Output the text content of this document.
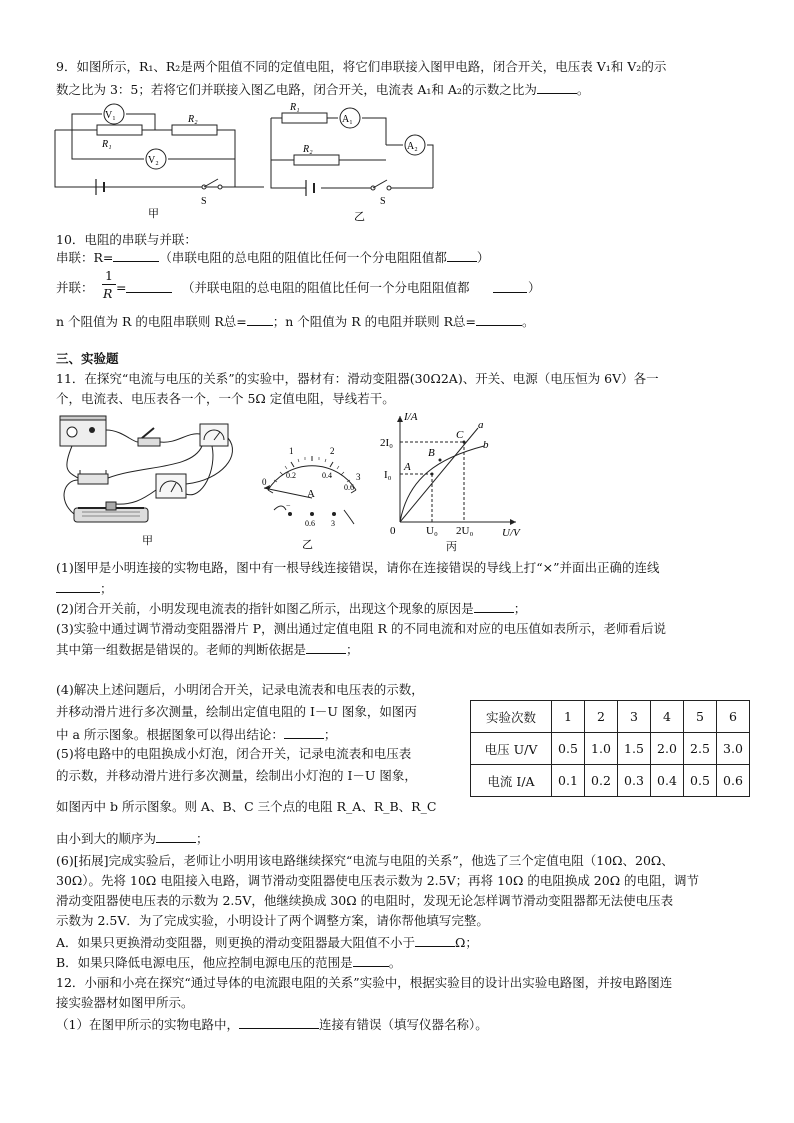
9．如图所示，R₁、R₂是两个阻值不同的定值电阻，将它们串联接入图甲电路，闭合开关，电压表 V₁和 V₂的示
数之比为 3：5；若将它们并联接入图乙电路，闭合开关，电流表 A₁和 A₂的示数之比为	。
V₁
V₂
R₁
R₂
S
甲
R₁
R₂
A₁
A₂
S
乙
10．电阻的串联与并联：
串联：R=	（串联电阻的总电阻的阻值比任何一个分电阻阻值都 ）
并联：
1
R =	（并联电阻的总电阻的阻值比任何一个分电阻阻值都	）
n 个阻值为 R 的电阻串联则 R总= ；n 个阻值为 R 的电阻并联则 R总=	。
三、实验题
11．在探究“电流与电压的关系”的实验中，器材有：滑动变阻器(30Ω2A)、开关、电源（电压恒为 6V）各一
个，电流表、电压表各一个，一个 5Ω 定值电阻，导线若干。
甲
1	2
0	3
0.2	0.4
0.6
A
−
0.6 3
乙
I/A
U/V
2I₀
I₀
0	U₀ 2U₀
A
B
C
a
b
丙
(1)图甲是小明连接的实物电路，图中有一根导线连接错误，请你在连接错误的导线上打“×”并面出正确的连线
；
(2)闭合开关前，小明发现电流表的指针如图乙所示，出现这个现象的原因是	；
(3)实验中通过调节滑动变阻器滑片 P，测出通过定值电阻 R 的不同电流和对应的电压值如表所示，老师看后说
其中第一组数据是错误的。老师的判断依据是	；
(4)解决上述问题后，小明闭合开关，记录电流表和电压表的示数，
并移动滑片进行多次测量，绘制出定值电阻的 I－U 图象，如图丙
中 a 所示图象。根据图象可以得出结论：	；
(5)将电路中的电阻换成小灯泡，闭合开关，记录电流表和电压表
的示数，并移动滑片进行多次测量，绘制出小灯泡的 I－U 图象，
如图丙中 b 所示图象。则 A、B、C 三个点的电阻 R_A、R_B、R_C
由小到大的顺序为	；
实验次数	1	2	3	4	5	6
电压 U/V	0.5	1.0	1.5	2.0	2.5	3.0
电流 I/A	0.1	0.2	0.3	0.4	0.5	0.6
(6)[拓展]完成实验后，老师让小明用该电路继续探究“电流与电阻的关系”，他选了三个定值电阻（10Ω、20Ω、
30Ω）。先将 10Ω 电阻接入电路，调节滑动变阻器使电压表示数为 2.5V；再将 10Ω 的电阻换成 20Ω 的电阻，调节
滑动变阻器使电压表的示数为 2.5V，他继续换成 30Ω 的电阻时，发现无论怎样调节滑动变阻器都无法使电压表
示数为 2.5V．为了完成实验，小明设计了两个调整方案，请你帮他填写完整。
A．如果只更换滑动变阻器，则更换的滑动变阻器最大阻值不小于	Ω；
B．如果只降低电源电压，他应控制电源电压的范围是	。
12．小丽和小亮在探究“通过导体的电流跟电阻的关系”实验中，根据实验目的设计出实验电路图，并按电路图连
接实验器材如图甲所示。
（1）在图甲所示的实物电路中，	连接有错误（填写仪器名称）。
